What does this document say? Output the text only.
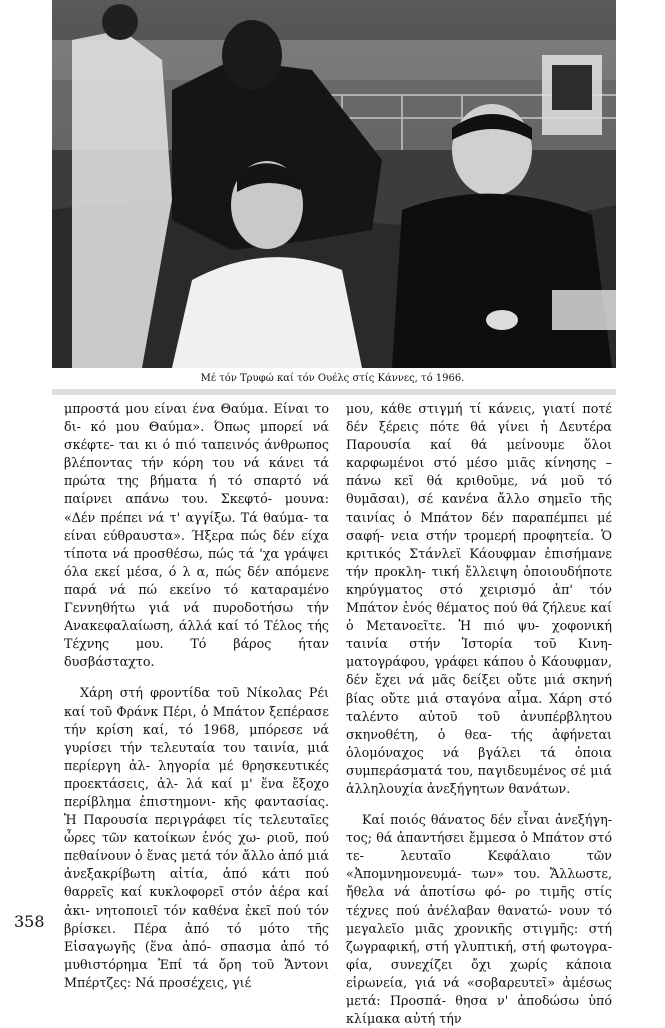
Μέ τόν Τρυφώ καί τόν Ουέλς στίς Κάννες, τό 1966.

μπροστά μου είναι ένα Θαύμα. Είναι το δι- κό μου Θαύμα». Όπως μπορεί νά σκέφτε- ται κι ό πιό ταπεινός άνθρωπος βλέποντας τήν κόρη του νά κάνει τά πρώτα της βήματα ή τό σπαρτό νά παίρνει απάνω του. Σκεφτό- μουνα: «Δέν πρέπει νά τ' αγγίξω. Τά θαύμα- τα είναι εύθραυστα». Ήξερα πώς δέν είχα τίποτα νά προσθέσω, πώς τά 'χα γράψει όλα εκεί μέσα, ό λ α, πώς δέν απόμενε παρά νά πώ εκείνο τό καταραμένο Γεννηθήτω γιά νά πυροδοτήσω τήν Ανακεφαλαίωση, άλλά καί τό Τέλος τής Τέχνης μου. Τό βάρος ήταν δυσβάσταχτο.

Χάρη στή φροντίδα τοῦ Νίκολας Ρέι καί τοῦ Φράνκ Πέρι, ὁ Μπάτον ξεπέρασε τήν κρίση καί, τό 1968, μπόρεσε νά γυρίσει τήν τελευταία του ταινία, μιά περίεργη ἀλ- ληγορία μέ θρησκευτικές προεκτάσεις, ἀλ- λά καί μ' ἕνα ἔξοχο περίβλημα ἐπιστημονι- κῆς φαντασίας. Ἡ Παρουσία περιγράφει τίς τελευταῖες ὧρες τῶν κατοίκων ἑνός χω- ριοῦ, πού πεθαίνουν ὁ ἕνας μετά τόν ἄλλο ἀπό μιά ἀνεξακρίβωτη αἰτία, ἀπό κάτι πού θαρρεῖς καί κυκλοφορεῖ στόν ἀέρα καί ἀκι- νητοποιεῖ τόν καθένα ἐκεῖ πού τόν βρίσκει. Πέρα ἀπό τό μότο τῆς Εἰσαγωγῆς (ἕνα ἀπό- σπασμα ἀπό τό μυθιστόρημα Ἐπί τά ὄρη τοῦ Ἄντονι Μπέρτζες: Νά προσέχεις, γιέ

μου, κάθε στιγμή τί κάνεις, γιατί ποτέ δέν ξέρεις πότε θά γίνει ἡ Δευτέρα Παρουσία καί θά μείνουμε ὅλοι καρφωμένοι στό μέσο μιᾶς κίνησης – πάνω κεῖ θά κριθοῦμε, νά μοῦ τό θυμᾶσαι), σέ κανένα ἄλλο σημεῖο τῆς ταινίας ὁ Μπάτον δέν παραπέμπει μέ σαφή- νεια στήν τρομερή προφητεία. Ὁ κριτικός Στάνλεϊ Κάουφμαν ἐπισήμανε τήν προκλη- τική ἔλλειψη ὁποιουδήποτε κηρύγματος στό χειρισμό ἀπ' τόν Μπάτον ἑνός θέματος πού θά ζήλευε καί ὁ Μετανοεῖτε. Ἡ πιό ψυ- χοφονική ταινία στήν Ἱστορία τοῦ Κινη- ματογράφου, γράφει κάπου ὁ Κάουφμαν, δέν ἔχει νά μᾶς δείξει οὔτε μιά σκηνή βίας οὔτε μιά σταγόνα αἷμα. Χάρη στό ταλέντο αὐτοῦ τοῦ ἀνυπέρβλητου σκηνοθέτη, ὁ θεα- τής ἀφήνεται ὁλομόναχος νά βγάλει τά ὁποια συμπεράσματά του, παγιδευμένος σέ μιά ἀλληλουχία ἀνεξήγητων θανάτων.

Καί ποιός θάνατος δέν εἶναι ἀνεξήγη- τος; θά ἀπαντήσει ἔμμεσα ὁ Μπάτον στό τε- λευταῖο Κεφάλαιο τῶν «Ἀπομνημονευμά- των» του. Ἄλλωστε, ἤθελα νά ἀποτίσω φό- ρο τιμῆς στίς τέχνες πού ἀνέλαβαν θανατώ- νουν τό μεγαλεῖο μιᾶς χρονικῆς στιγμῆς: στή ζωγραφική, στή γλυπτική, στή φωτογρα- φία, συνεχίζει ὄχι χωρίς κάποια εἰρωνεία, γιά νά «σοβαρευτεῖ» ἀμέσως μετά: Προσπά- θησα ν' ἀποδώσω ὑπό κλίμακα αὐτή τήν

358
